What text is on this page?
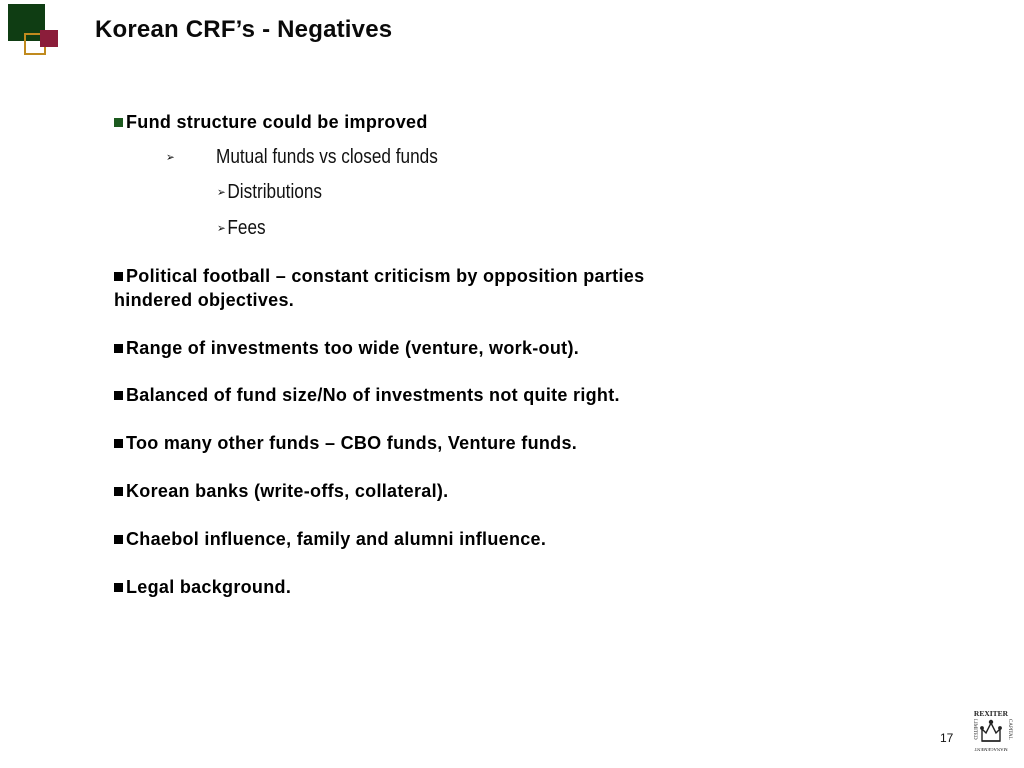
Korean CRF’s - Negatives
Fund structure could be improved
➢ Mutual funds vs closed funds
➢Distributions
➢Fees
Political football – constant criticism by opposition parties
hindered objectives.
Range of investments too wide (venture, work-out).
Balanced of fund size/No of investments not quite right.
Too many other funds – CBO funds, Venture funds.
Korean banks (write-offs, collateral).
Chaebol influence, family and alumni influence.
Legal background.
17
REXITER
LIMITED	CAPITAL
MANAGEMENT
